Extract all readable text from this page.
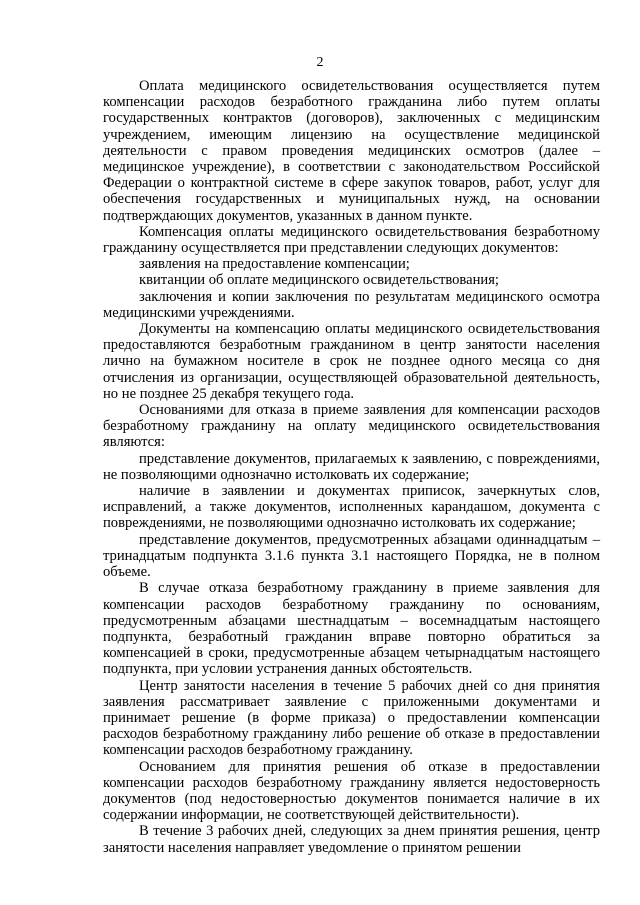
2

Оплата медицинского освидетельствования осуществляется путем компенсации расходов безработного гражданина либо путем оплаты государственных контрактов (договоров), заключенных с медицинским учреждением, имеющим лицензию на осуществление медицинской деятельности с правом проведения медицинских осмотров (далее – медицинское учреждение), в соответствии с законодательством Российской Федерации о контрактной системе в сфере закупок товаров, работ, услуг для обеспечения государственных и муниципальных нужд, на основании подтверждающих документов, указанных в данном пункте.

Компенсация оплаты медицинского освидетельствования безработному гражданину осуществляется при представлении следующих документов:

заявления на предоставление компенсации;

квитанции об оплате медицинского освидетельствования;

заключения и копии заключения по результатам медицинского осмотра медицинскими учреждениями.

Документы на компенсацию оплаты медицинского освидетельствования предоставляются безработным гражданином в центр занятости населения лично на бумажном носителе в срок не позднее одного месяца со дня отчисления из организации, осуществляющей образовательной деятельность, но не позднее 25 декабря текущего года.

Основаниями для отказа в приеме заявления для компенсации расходов безработному гражданину на оплату медицинского освидетельствования являются:

представление документов, прилагаемых к заявлению, с повреждениями, не позволяющими однозначно истолковать их содержание;

наличие в заявлении и документах приписок, зачеркнутых слов, исправлений, а также документов, исполненных карандашом, документа с повреждениями, не позволяющими однозначно истолковать их содержание;

представление документов, предусмотренных абзацами одиннадцатым – тринадцатым подпункта 3.1.6 пункта 3.1 настоящего Порядка, не в полном объеме.

В случае отказа безработному гражданину в приеме заявления для компенсации расходов безработному гражданину по основаниям, предусмотренным абзацами шестнадцатым – восемнадцатым настоящего подпункта, безработный гражданин вправе повторно обратиться за компенсацией в сроки, предусмотренные абзацем четырнадцатым настоящего подпункта, при условии устранения данных обстоятельств.

Центр занятости населения в течение 5 рабочих дней со дня принятия заявления рассматривает заявление с приложенными документами и принимает решение (в форме приказа) о предоставлении компенсации расходов безработному гражданину либо решение об отказе в предоставлении компенсации расходов безработному гражданину.

Основанием для принятия решения об отказе в предоставлении компенсации расходов безработному гражданину является недостоверность документов (под недостоверностью документов понимается наличие в их содержании информации, не соответствующей действительности).

В течение 3 рабочих дней, следующих за днем принятия решения, центр занятости населения направляет уведомление о принятом решении
